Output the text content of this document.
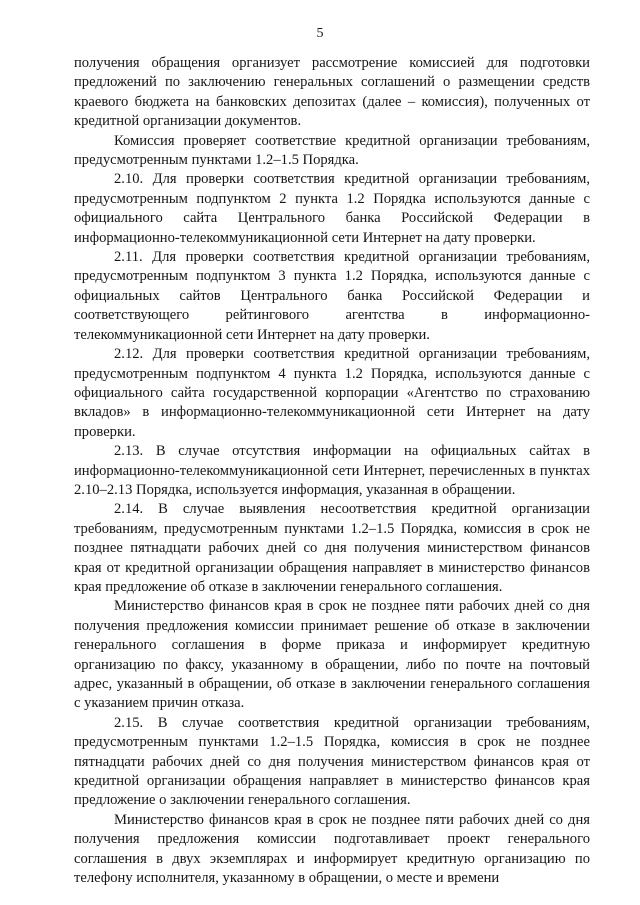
5

получения обращения организует рассмотрение комиссией для подготовки предложений по заключению генеральных соглашений о размещении средств краевого бюджета на банковских депозитах (далее – комиссия), полученных от кредитной организации документов.

Комиссия проверяет соответствие кредитной организации требованиям, предусмотренным пунктами 1.2–1.5 Порядка.

2.10. Для проверки соответствия кредитной организации требованиям, предусмотренным подпунктом 2 пункта 1.2 Порядка используются данные с официального сайта Центрального банка Российской Федерации в информационно-телекоммуникационной сети Интернет на дату проверки.

2.11. Для проверки соответствия кредитной организации требованиям, предусмотренным подпунктом 3 пункта 1.2 Порядка, используются данные с официальных сайтов Центрального банка Российской Федерации и соответствующего рейтингового агентства в информационно-телекоммуникационной сети Интернет на дату проверки.

2.12. Для проверки соответствия кредитной организации требованиям, предусмотренным подпунктом 4 пункта 1.2 Порядка, используются данные с официального сайта государственной корпорации «Агентство по страхованию вкладов» в информационно-телекоммуникационной сети Интернет на дату проверки.

2.13. В случае отсутствия информации на официальных сайтах в информационно-телекоммуникационной сети Интернет, перечисленных в пунктах 2.10–2.13 Порядка, используется информация, указанная в обращении.

2.14. В случае выявления несоответствия кредитной организации требованиям, предусмотренным пунктами 1.2–1.5 Порядка, комиссия в срок не позднее пятнадцати рабочих дней со дня получения министерством финансов края от кредитной организации обращения направляет в министерство финансов края предложение об отказе в заключении генерального соглашения.

Министерство финансов края в срок не позднее пяти рабочих дней со дня получения предложения комиссии принимает решение об отказе в заключении генерального соглашения в форме приказа и информирует кредитную организацию по факсу, указанному в обращении, либо по почте на почтовый адрес, указанный в обращении, об отказе в заключении генерального соглашения с указанием причин отказа.

2.15. В случае соответствия кредитной организации требованиям, предусмотренным пунктами 1.2–1.5 Порядка, комиссия в срок не позднее пятнадцати рабочих дней со дня получения министерством финансов края от кредитной организации обращения направляет в министерство финансов края предложение о заключении генерального соглашения.

Министерство финансов края в срок не позднее пяти рабочих дней со дня получения предложения комиссии подготавливает проект генерального соглашения в двух экземплярах и информирует кредитную организацию по телефону исполнителя, указанному в обращении, о месте и времени
